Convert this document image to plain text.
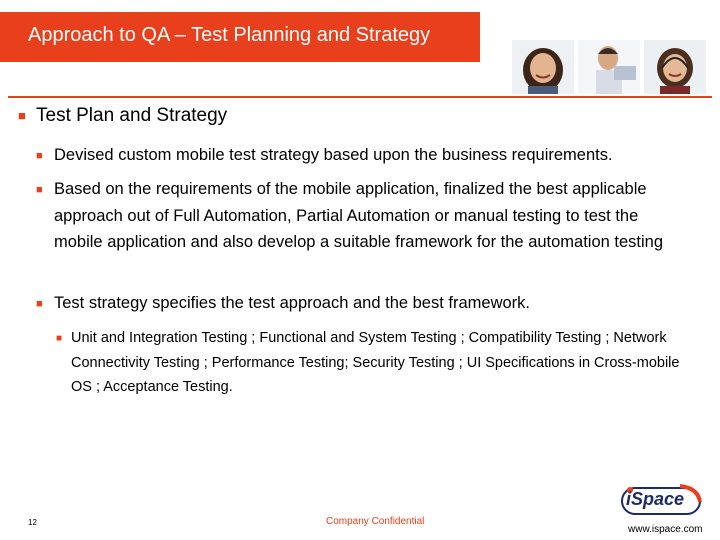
Approach to QA – Test Planning and Strategy
■ Test Plan and Strategy
■ Devised custom mobile test strategy based upon the business requirements.
■ Based on the requirements of the mobile application, finalized the best applicable approach out of Full Automation, Partial Automation or manual testing to test the mobile application and also develop a suitable framework for the automation testing
■ Test strategy specifies the test approach and the best framework.
■ Unit and Integration Testing ; Functional and System Testing ; Compatibility Testing ; Network Connectivity Testing ; Performance Testing; Security Testing ; UI Specifications in Cross-mobile OS ; Acceptance Testing.
12	Company Confidential
iSpace
www.ispace.com
